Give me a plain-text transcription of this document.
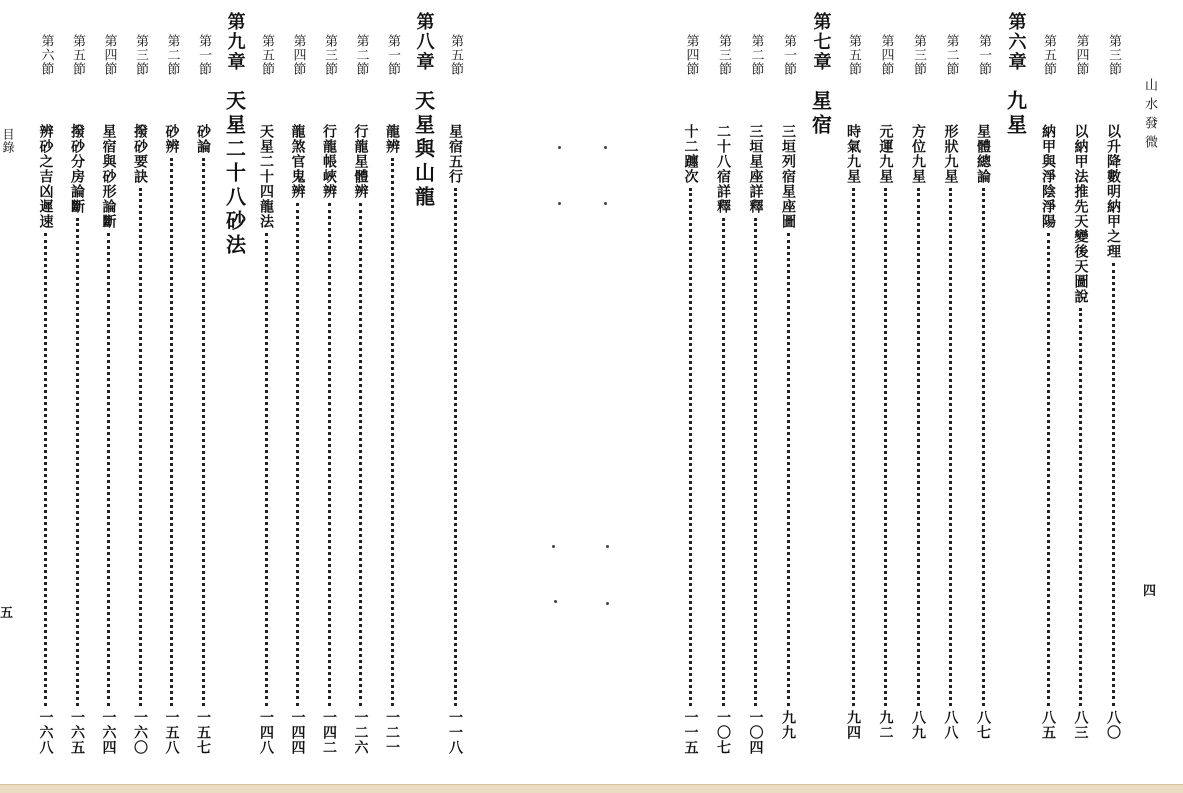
目錄
五
第五節
星宿五行
一一八
第八章
天星與山龍
第一節
龍辨
一二一
第二節
行龍星體辨
一二六
第三節
行龍帳峽辨
一四二
第四節
龍煞官鬼辨
一四四
第五節
天星二十四龍法
一四八
第九章
天星二十八砂法
第一節
砂論
一五七
第二節
砂辨
一五八
第三節
撥砂要訣
一六〇
第四節
星宿與砂形論斷
一六四
第五節
撥砂分房論斷
一六五
第六節
辨砂之吉凶遲速
一六八
第三節
以升降數明納甲之理
八〇
第四節
以納甲法推先天變後天圖說
八三
第五節
納甲與淨陰淨陽
八五
第六章
九星
第一節
星體總論
八七
第二節
形狀九星
八八
第三節
方位九星
八九
第四節
元運九星
九二
第五節
時氣九星
九四
第七章
星宿
第一節
三垣列宿星座圖
九九
第二節
三垣星座詳釋
一〇四
第三節
二十八宿詳釋
一〇七
第四節
十二躔次
一一五
山水發微
四
